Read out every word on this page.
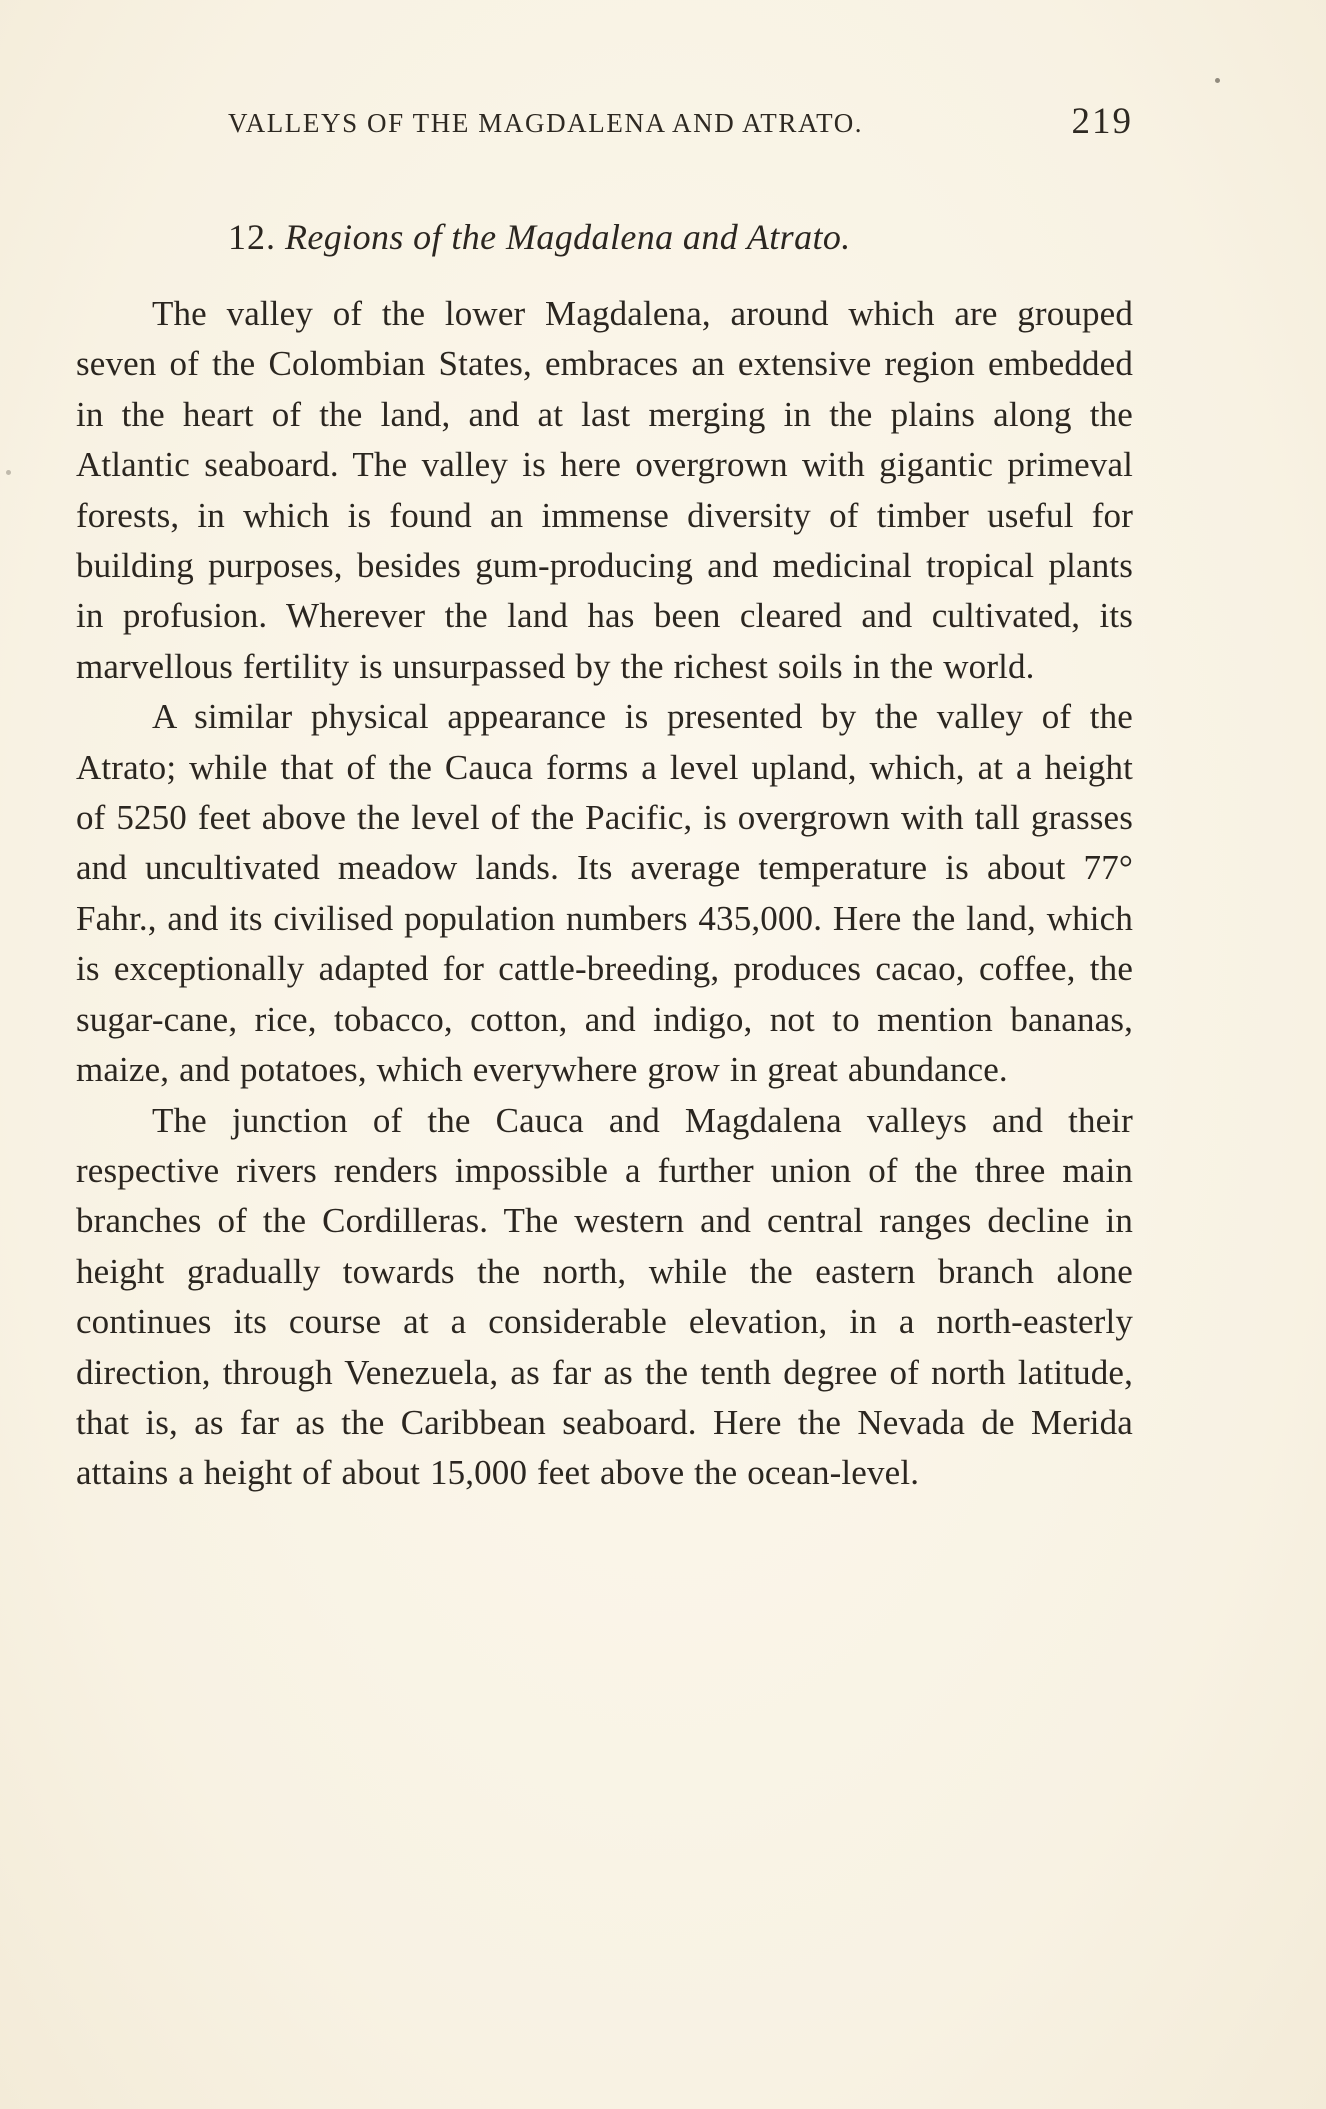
VALLEYS OF THE MAGDALENA AND ATRATO.	219
12. Regions of the Magdalena and Atrato.

The valley of the lower Magdalena, around which are grouped seven of the Colombian States, embraces an extensive region embedded in the heart of the land, and at last merging in the plains along the Atlantic seaboard. The valley is here overgrown with gigantic primeval forests, in which is found an immense diversity of timber useful for building purposes, besides gum-producing and medicinal tropical plants in profusion. Wherever the land has been cleared and cultivated, its marvellous fertility is unsurpassed by the richest soils in the world.

A similar physical appearance is presented by the valley of the Atrato; while that of the Cauca forms a level upland, which, at a height of 5250 feet above the level of the Pacific, is overgrown with tall grasses and uncultivated meadow lands. Its average temperature is about 77° Fahr., and its civilised population numbers 435,000. Here the land, which is exceptionally adapted for cattle-breeding, produces cacao, coffee, the sugar-cane, rice, tobacco, cotton, and indigo, not to mention bananas, maize, and potatoes, which everywhere grow in great abundance.

The junction of the Cauca and Magdalena valleys and their respective rivers renders impossible a further union of the three main branches of the Cordilleras. The western and central ranges decline in height gradually towards the north, while the eastern branch alone continues its course at a considerable elevation, in a north-easterly direction, through Venezuela, as far as the tenth degree of north latitude, that is, as far as the Caribbean seaboard. Here the Nevada de Merida attains a height of about 15,000 feet above the ocean-level.
